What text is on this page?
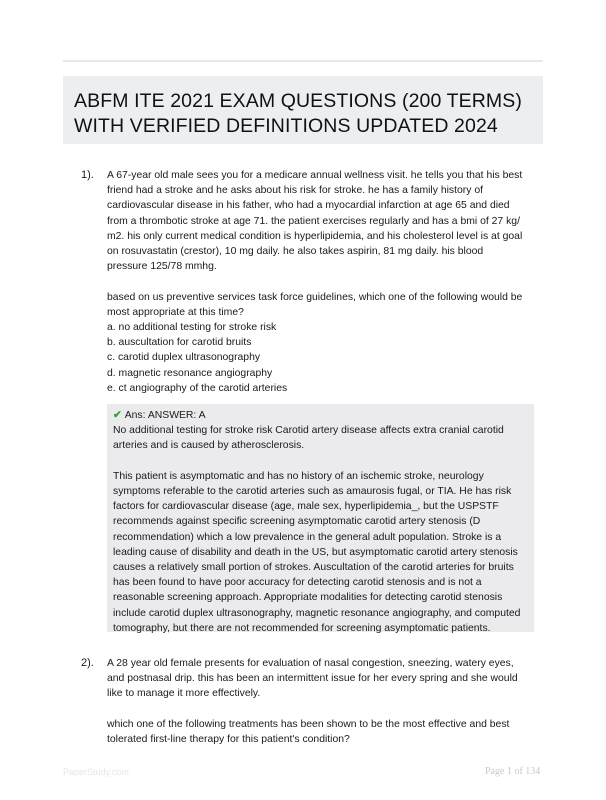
ABFM ITE 2021 EXAM QUESTIONS (200 TERMS)
WITH VERIFIED DEFINITIONS UPDATED 2024
1). A 67-year old male sees you for a medicare annual wellness visit. he tells you that his best
friend had a stroke and he asks about his risk for stroke. he has a family history of
cardiovascular disease in his father, who had a myocardial infarction at age 65 and died
from a thrombotic stroke at age 71. the patient exercises regularly and has a bmi of 27 kg/
m2. his only current medical condition is hyperlipidemia, and his cholesterol level is at goal
on rosuvastatin (crestor), 10 mg daily. he also takes aspirin, 81 mg daily. his blood
pressure 125/78 mmhg.
based on us preventive services task force guidelines, which one of the following would be
most appropriate at this time?
a. no additional testing for stroke risk
b. auscultation for carotid bruits
c. carotid duplex ultrasonography
d. magnetic resonance angiography
e. ct angiography of the carotid arteries
✔ Ans: ANSWER: A
No additional testing for stroke risk Carotid artery disease affects extra cranial carotid
arteries and is caused by atherosclerosis.
This patient is asymptomatic and has no history of an ischemic stroke, neurology
symptoms referable to the carotid arteries such as amaurosis fugal, or TIA. He has risk
factors for cardiovascular disease (age, male sex, hyperlipidemia_, but the USPSTF
recommends against specific screening asymptomatic carotid artery stenosis (D
recommendation) which a low prevalence in the general adult population. Stroke is a
leading cause of disability and death in the US, but asymptomatic carotid artery stenosis
causes a relatively small portion of strokes. Auscultation of the carotid arteries for bruits
has been found to have poor accuracy for detecting carotid stenosis and is not a
reasonable screening approach. Appropriate modalities for detecting carotid stenosis
include carotid duplex ultrasonography, magnetic resonance angiography, and computed
tomography, but there are not recommended for screening asymptomatic patients.
2). A 28 year old female presents for evaluation of nasal congestion, sneezing, watery eyes,
and postnasal drip. this has been an intermittent issue for her every spring and she would
like to manage it more effectively.
which one of the following treatments has been shown to be the most effective and best
tolerated first-line therapy for this patient's condition?
PaperStudy.com	Page 1 of 134
